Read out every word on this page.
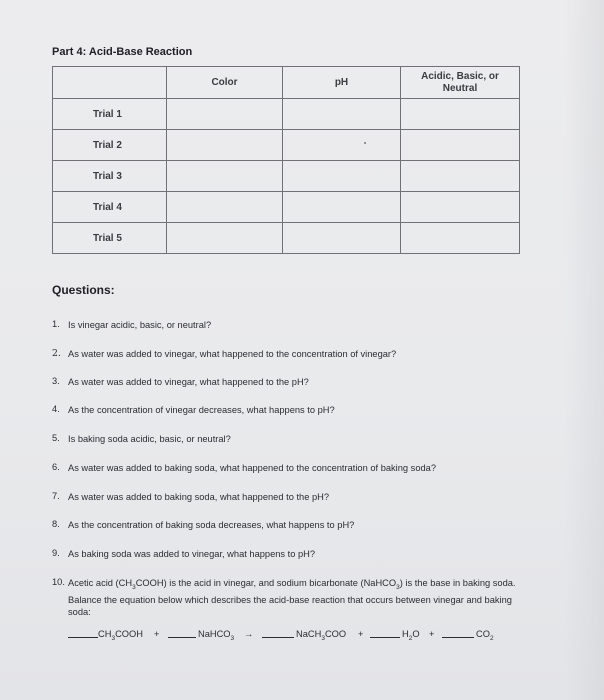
Part 4: Acid-Base Reaction
	Color	pH	Acidic, Basic, or Neutral
Trial 1			
Trial 2			
Trial 3			
Trial 4			
Trial 5			
Questions:
1. Is vinegar acidic, basic, or neutral?
2. As water was added to vinegar, what happened to the concentration of vinegar?
3. As water was added to vinegar, what happened to the pH?
4. As the concentration of vinegar decreases, what happens to pH?
5. Is baking soda acidic, basic, or neutral?
6. As water was added to baking soda, what happened to the concentration of baking soda?
7. As water was added to baking soda, what happened to the pH?
8. As the concentration of baking soda decreases, what happens to pH?
9. As baking soda was added to vinegar, what happens to pH?
10. Acetic acid $(CH_3COOH)$ is the acid in vinegar, and sodium bicarbonate (NaHCO$_3$) is the base in baking soda. Balance the equation below which describes the acid-base reaction that occurs between vinegar and baking soda:
$CH_3COOH$ +	NaHCO$_3$ →	NaCH$_3$COO +	$H_2O$ +	$CO_2$
